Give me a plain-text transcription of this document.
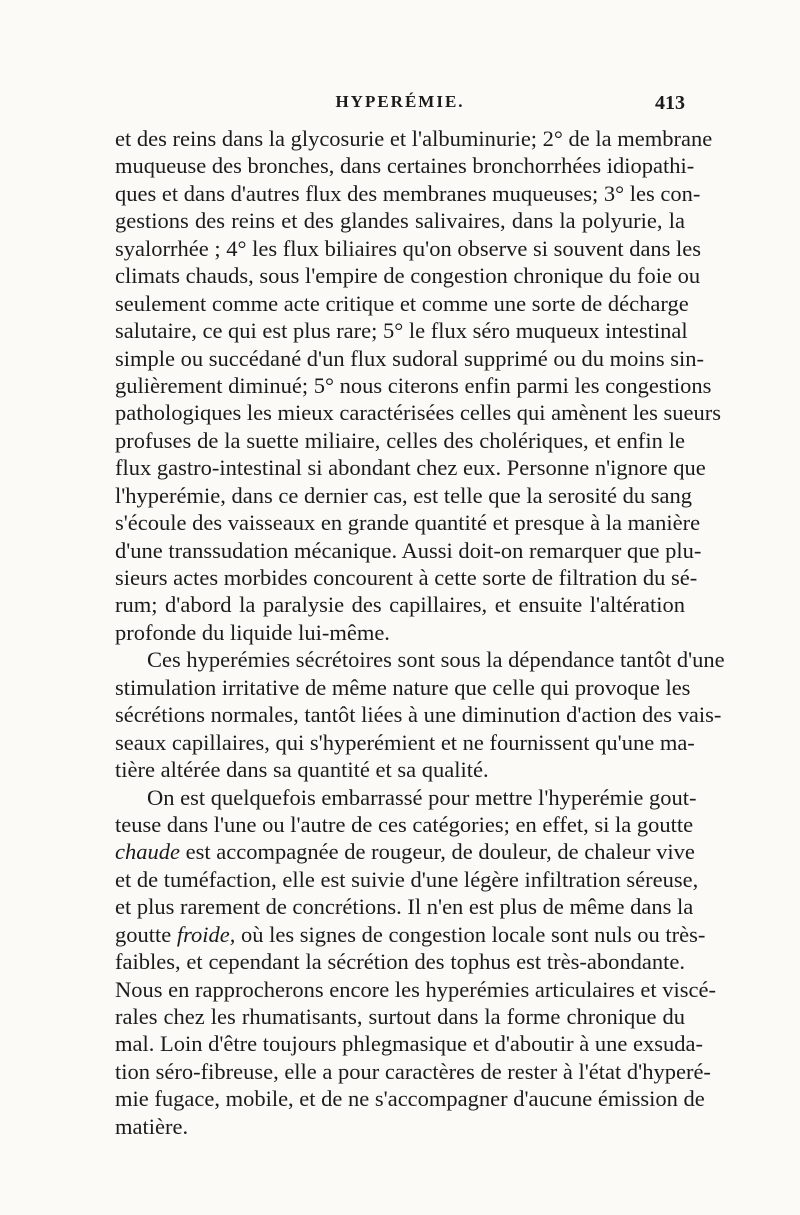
HYPERÉMIE.	413
et des reins dans la glycosurie et l'albuminurie; 2° de la membrane
muqueuse des bronches, dans certaines bronchorrhées idiopathi-
ques et dans d'autres flux des membranes muqueuses; 3° les con-
gestions des reins et des glandes salivaires, dans la polyurie, la
syalorrhée ; 4° les flux biliaires qu'on observe si souvent dans les
climats chauds, sous l'empire de congestion chronique du foie ou
seulement comme acte critique et comme une sorte de décharge
salutaire, ce qui est plus rare; 5° le flux séro muqueux intestinal
simple ou succédané d'un flux sudoral supprimé ou du moins sin-
gulièrement diminué; 5° nous citerons enfin parmi les congestions
pathologiques les mieux caractérisées celles qui amènent les sueurs
profuses de la suette miliaire, celles des cholériques, et enfin le
flux gastro-intestinal si abondant chez eux. Personne n'ignore que
l'hyperémie, dans ce dernier cas, est telle que la serosité du sang
s'écoule des vaisseaux en grande quantité et presque à la manière
d'une transsudation mécanique. Aussi doit-on remarquer que plu-
sieurs actes morbides concourent à cette sorte de filtration du sé-
rum; d'abord la paralysie des capillaires, et ensuite l'altération
profonde du liquide lui-même.
Ces hyperémies sécrétoires sont sous la dépendance tantôt d'une
stimulation irritative de même nature que celle qui provoque les
sécrétions normales, tantôt liées à une diminution d'action des vais-
seaux capillaires, qui s'hyperémient et ne fournissent qu'une ma-
tière altérée dans sa quantité et sa qualité.
On est quelquefois embarrassé pour mettre l'hyperémie gout-
teuse dans l'une ou l'autre de ces catégories; en effet, si la goutte
chaude est accompagnée de rougeur, de douleur, de chaleur vive
et de tuméfaction, elle est suivie d'une légère infiltration séreuse,
et plus rarement de concrétions. Il n'en est plus de même dans la
goutte froide, où les signes de congestion locale sont nuls ou très-
faibles, et cependant la sécrétion des tophus est très-abondante.
Nous en rapprocherons encore les hyperémies articulaires et viscé-
rales chez les rhumatisants, surtout dans la forme chronique du
mal. Loin d'être toujours phlegmasique et d'aboutir à une exsuda-
tion séro-fibreuse, elle a pour caractères de rester à l'état d'hyperé-
mie fugace, mobile, et de ne s'accompagner d'aucune émission de
matière.
